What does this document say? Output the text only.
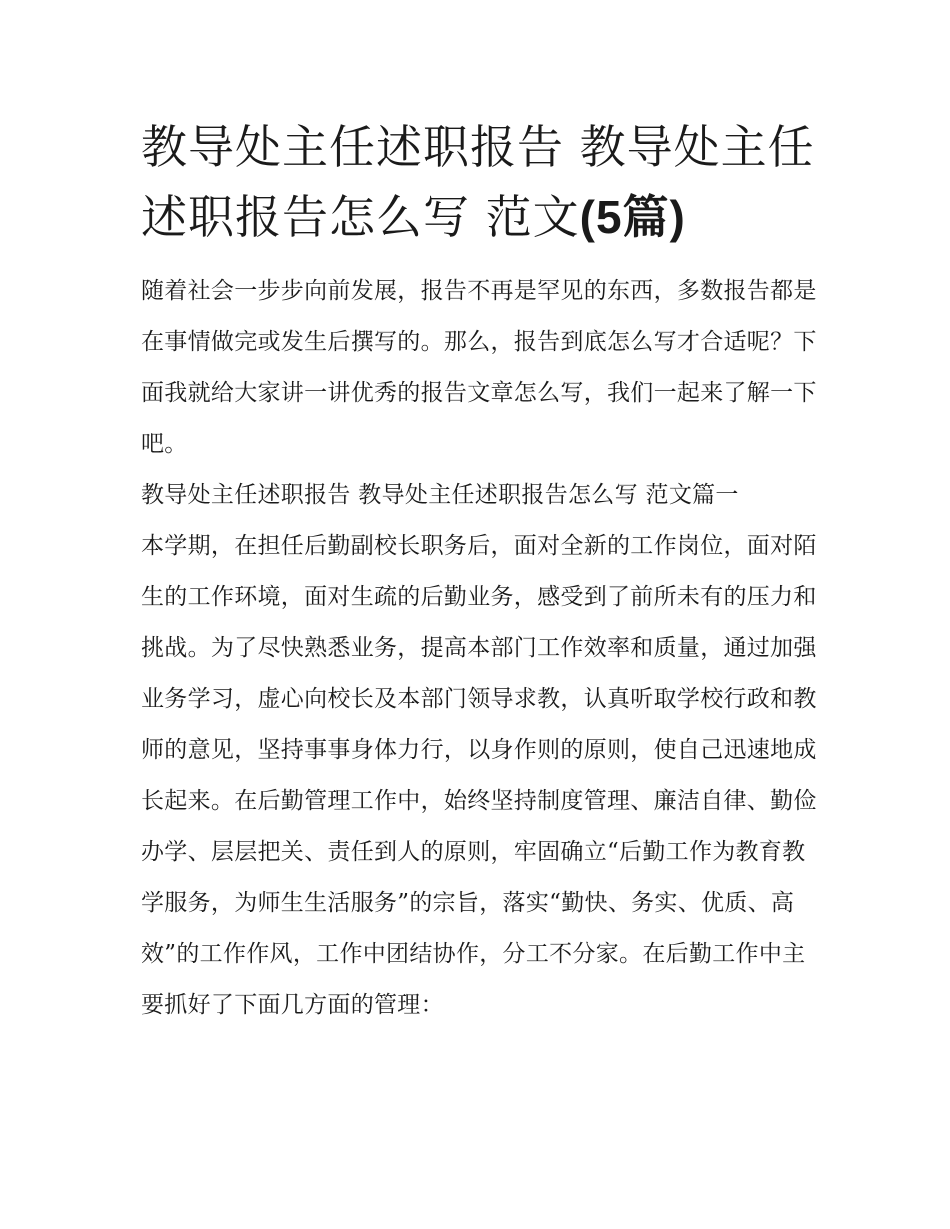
教导处主任述职报告 教导处主任述职报告怎么写 范文(5篇)

随着社会一步步向前发展，报告不再是罕见的东西，多数报告都是在事情做完或发生后撰写的。那么，报告到底怎么写才合适呢？下面我就给大家讲一讲优秀的报告文章怎么写，我们一起来了解一下吧。

教导处主任述职报告 教导处主任述职报告怎么写 范文篇一

本学期，在担任后勤副校长职务后，面对全新的工作岗位，面对陌生的工作环境，面对生疏的后勤业务，感受到了前所未有的压力和挑战。为了尽快熟悉业务，提高本部门工作效率和质量，通过加强业务学习，虚心向校长及本部门领导求教，认真听取学校行政和教师的意见，坚持事事身体力行，以身作则的原则，使自己迅速地成长起来。在后勤管理工作中，始终坚持制度管理、廉洁自律、勤俭办学、层层把关、责任到人的原则，牢固确立“后勤工作为教育教学服务，为师生生活服务”的宗旨，落实“勤快、务实、优质、高效”的工作作风，工作中团结协作，分工不分家。在后勤工作中主要抓好了下面几方面的管理：
